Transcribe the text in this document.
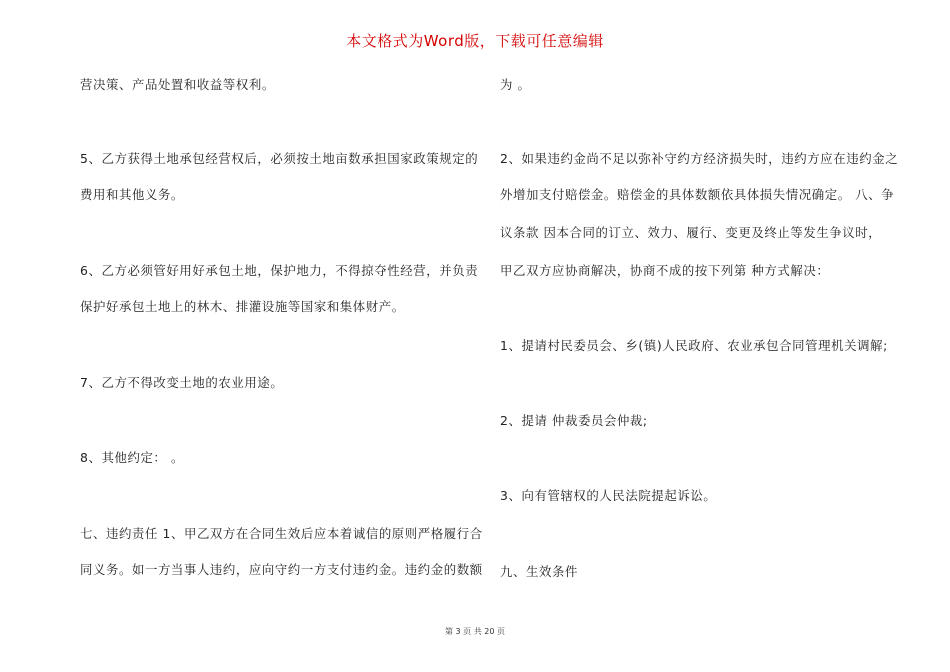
本文格式为Word版，下载可任意编辑
营决策、产品处置和收益等权利。
5、乙方获得土地承包经营权后，必须按土地亩数承担国家政策规定的
费用和其他义务。
6、乙方必须管好用好承包土地，保护地力，不得掠夺性经营，并负责
保护好承包土地上的林木、排灌设施等国家和集体财产。
7、乙方不得改变土地的农业用途。
8、其他约定： 。
七、违约责任 1、甲乙双方在合同生效后应本着诚信的原则严格履行合
同义务。如一方当事人违约，应向守约一方支付违约金。违约金的数额
为 。
2、如果违约金尚不足以弥补守约方经济损失时，违约方应在违约金之
外增加支付赔偿金。赔偿金的具体数额依具体损失情况确定。 八、争
议条款 因本合同的订立、效力、履行、变更及终止等发生争议时，
甲乙双方应协商解决，协商不成的按下列第 种方式解决：
1、提请村民委员会、乡(镇)人民政府、农业承包合同管理机关调解;
2、提请 仲裁委员会仲裁;
3、向有管辖权的人民法院提起诉讼。
九、生效条件
第 3 页 共 20 页
